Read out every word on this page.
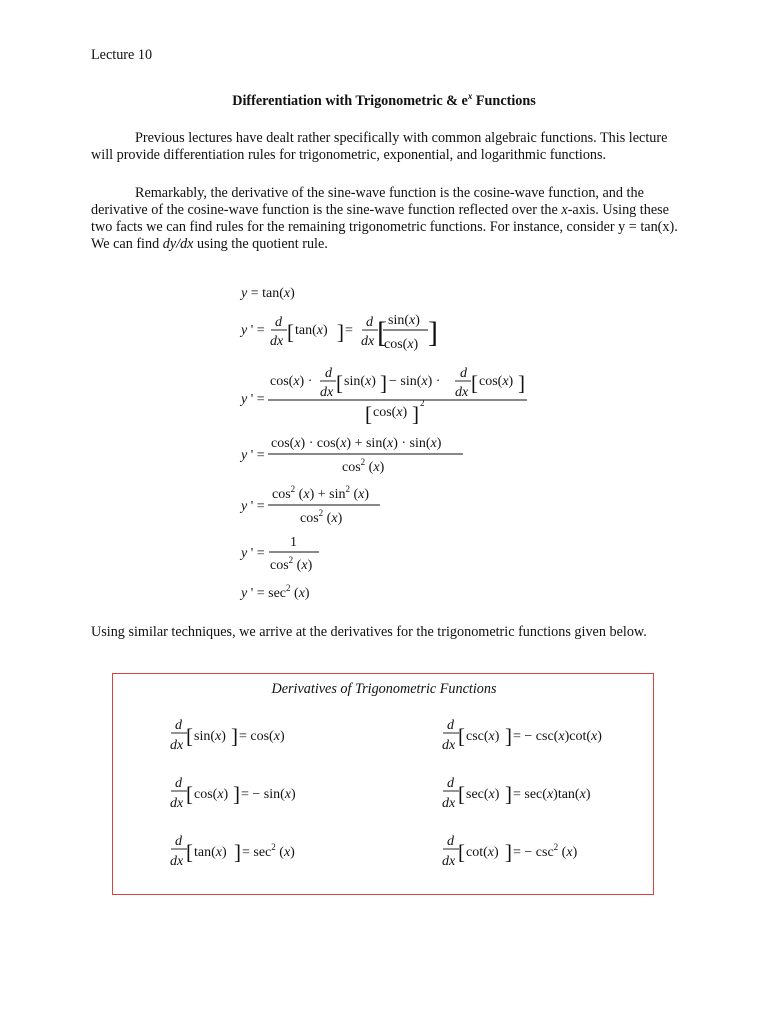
Lecture 10
Differentiation with Trigonometric & $e^x$ Functions
Previous lectures have dealt rather specifically with common algebraic functions. This lecture will provide differentiation rules for trigonometric, exponential, and logarithmic functions.
Remarkably, the derivative of the sine-wave function is the cosine-wave function, and the derivative of the cosine-wave function is the sine-wave function reflected over the x-axis. Using these two facts we can find rules for the remaining trigonometric functions. For instance, consider y = tan(x). We can find dy/dx using the quotient rule.
y = tan(x)
y ' =
d
dx [ tan(x) ] =
d
dx [ sin(x)
cos(x) ]
y ' =
cos(x) ·
d
dx [ sin(x) ] − sin(x) ·
d
dx [ cos(x) ]
[ cos(x) ] 2
y ' =
cos(x) · cos(x) + sin(x) · sin(x)
$\cos^2 (x)$
y ' =
$\cos^2 (x) + \sin^2 (x)$
$\cos^2 (x)$
y ' =
1
$\cos^2 (x)$
y ' = $\sec^2 (x)$
Using similar techniques, we arrive at the derivatives for the trigonometric functions given below.
Derivatives of Trigonometric Functions
d
dx [ sin(x) ] = cos(x)
d
dx [ cos(x) ] = − sin(x)
d
dx [ tan(x) ] = $\sec^2 (x)$
d
dx [ csc(x) ] = − csc(x)cot(x)
d
dx [ sec(x) ] = sec(x)tan(x)
d
dx [ cot(x) ] = − $\csc^2 (x)$
